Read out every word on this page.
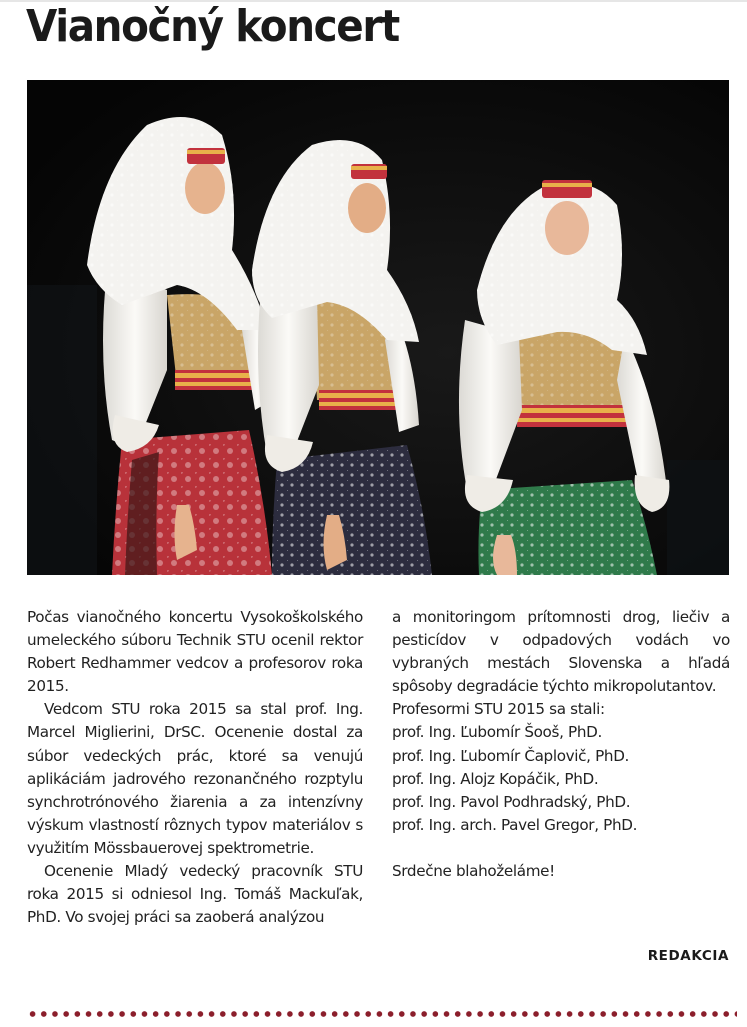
Vianočný koncert

Počas vianočného koncertu Vysokoškolského umeleckého súboru Technik STU ocenil rektor Robert Redhammer vedcov a profesorov roka 2015.

Vedcom STU roka 2015 sa stal prof. Ing. Marcel Miglierini, DrSC. Ocenenie dostal za súbor vedeckých prác, ktoré sa venujú aplikáciám jadrového rezonančného rozptylu synchrotrónového žiarenia a za intenzívny výskum vlastností rôznych typov materiálov s využitím Mössbauerovej spektrometrie.

Ocenenie Mladý vedecký pracovník STU roka 2015 si odniesol Ing. Tomáš Mackuľak, PhD. Vo svojej práci sa zaoberá analýzou

a monitoringom prítomnosti drog, liečiv a pesticídov v odpadových vodách vo vybraných mestách Slovenska a hľadá spôsoby degradácie týchto mikropolutantov.

Profesormi STU 2015 sa stali:

prof. Ing. Ľubomír Šooš, PhD.
prof. Ing. Ľubomír Čaplovič, PhD.
prof. Ing. Alojz Kopáčik, PhD.
prof. Ing. Pavol Podhradský, PhD.
prof. Ing. arch. Pavel Gregor, PhD.

Srdečne blahoželáme!

REDAKCIA
